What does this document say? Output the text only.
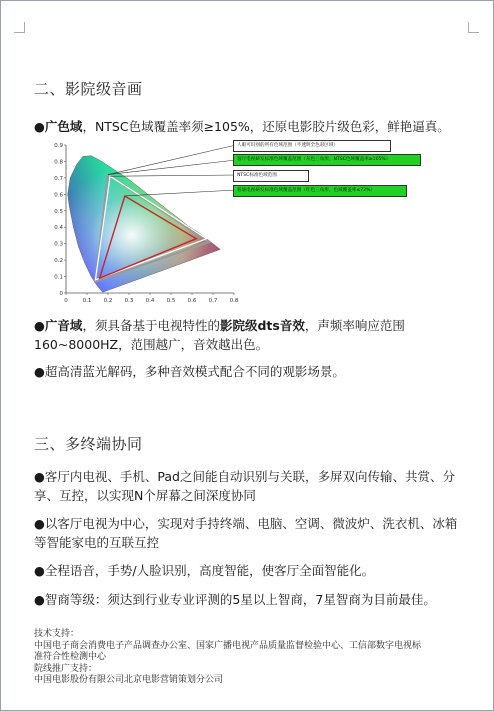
二、影院级音画
●广色域，NTSC色域覆盖率须≥105%，还原电影胶片级色彩，鲜艳逼真。
0	0.1 0.2 0.3 0.4 0.5 0.6 0.7 0.8
0
0.1
0.2
0.3
0.4
0.5
0.6
0.7
0.8
0.9	人眼可识别的所有色域范围（半透明全色彩区域）
客厅电视研发标准色域覆盖范围（灰色三角形，NTSC色域覆盖率≥105%）
NTSC标准色域范围
普通电视研发标准色域覆盖范围（红色三角形，色域覆盖率≤72%）
●广音域，须具备基于电视特性的影院级dts音效，声频率响应范围
160~8000HZ，范围越广，音效越出色。
●超高清蓝光解码，多种音效模式配合不同的观影场景。
三、多终端协同
●客厅内电视、手机、Pad之间能自动识别与关联，多屏双向传输、共赏、分
享、互控，以实现N个屏幕之间深度协同
●以客厅电视为中心，实现对手持终端、电脑、空调、微波炉、洗衣机、冰箱
等智能家电的互联互控
●全程语音，手势/人脸识别，高度智能，使客厅全面智能化。
●智商等级：须达到行业专业评测的5星以上智商，7星智商为目前最佳。
技术支持：
中国电子商会消费电子产品调查办公室、国家广播电视产品质量监督检验中心、工信部数字电视标
准符合性检测中心
院线推广支持：
中国电影股份有限公司北京电影营销策划分公司
